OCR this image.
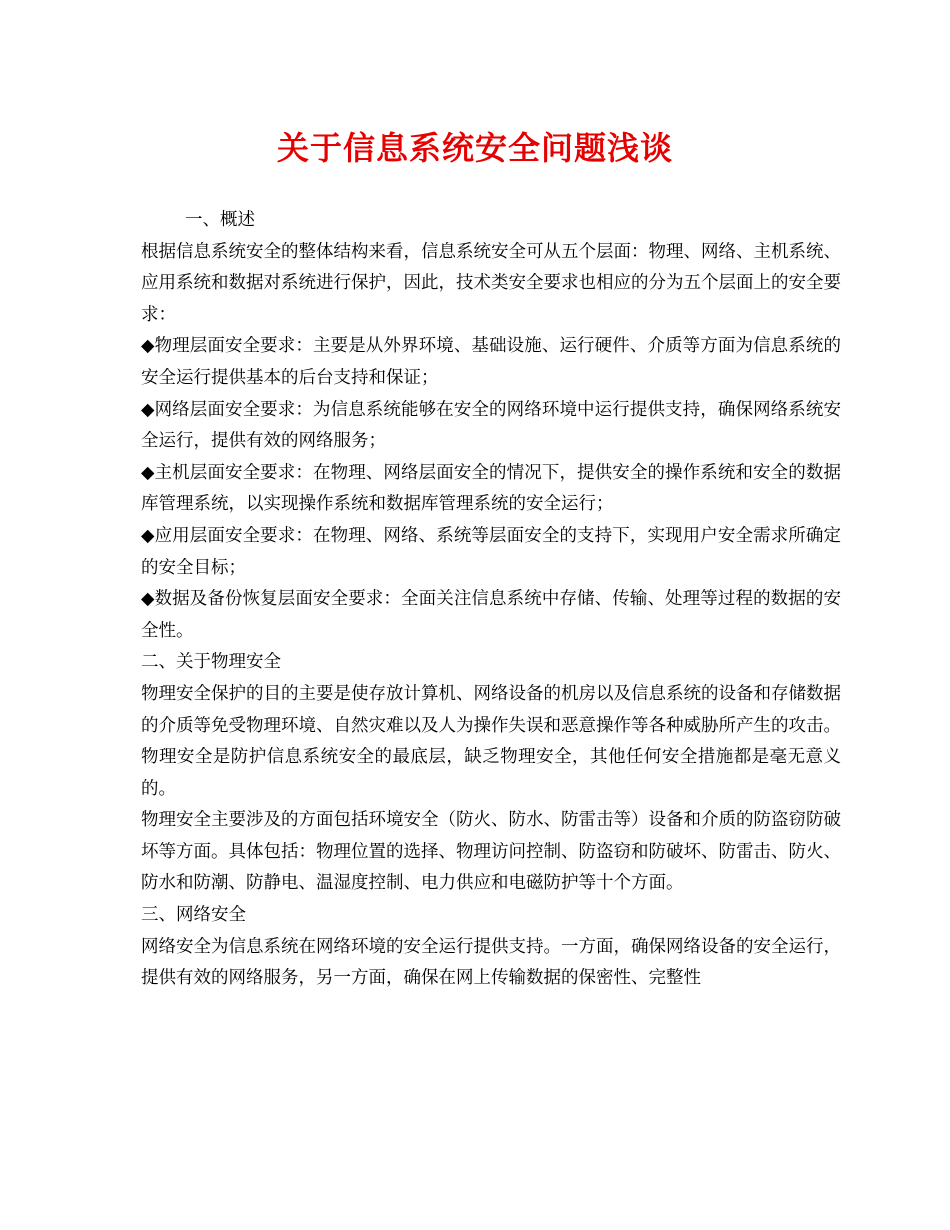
关于信息系统安全问题浅谈
一、概述

根据信息系统安全的整体结构来看，信息系统安全可从五个层面：物理、网络、主机系统、应用系统和数据对系统进行保护，因此，技术类安全要求也相应的分为五个层面上的安全要求：

◆物理层面安全要求：主要是从外界环境、基础设施、运行硬件、介质等方面为信息系统的安全运行提供基本的后台支持和保证；

◆网络层面安全要求：为信息系统能够在安全的网络环境中运行提供支持，确保网络系统安全运行，提供有效的网络服务；

◆主机层面安全要求：在物理、网络层面安全的情况下，提供安全的操作系统和安全的数据库管理系统，以实现操作系统和数据库管理系统的安全运行；

◆应用层面安全要求：在物理、网络、系统等层面安全的支持下，实现用户安全需求所确定的安全目标；

◆数据及备份恢复层面安全要求：全面关注信息系统中存储、传输、处理等过程的数据的安全性。

二、关于物理安全

物理安全保护的目的主要是使存放计算机、网络设备的机房以及信息系统的设备和存储数据的介质等免受物理环境、自然灾难以及人为操作失误和恶意操作等各种威胁所产生的攻击。物理安全是防护信息系统安全的最底层，缺乏物理安全，其他任何安全措施都是毫无意义的。

物理安全主要涉及的方面包括环境安全（防火、防水、防雷击等）设备和介质的防盗窃防破坏等方面。具体包括：物理位置的选择、物理访问控制、防盗窃和防破坏、防雷击、防火、防水和防潮、防静电、温湿度控制、电力供应和电磁防护等十个方面。

三、网络安全

网络安全为信息系统在网络环境的安全运行提供支持。一方面，确保网络设备的安全运行，提供有效的网络服务，另一方面，确保在网上传输数据的保密性、完整性
